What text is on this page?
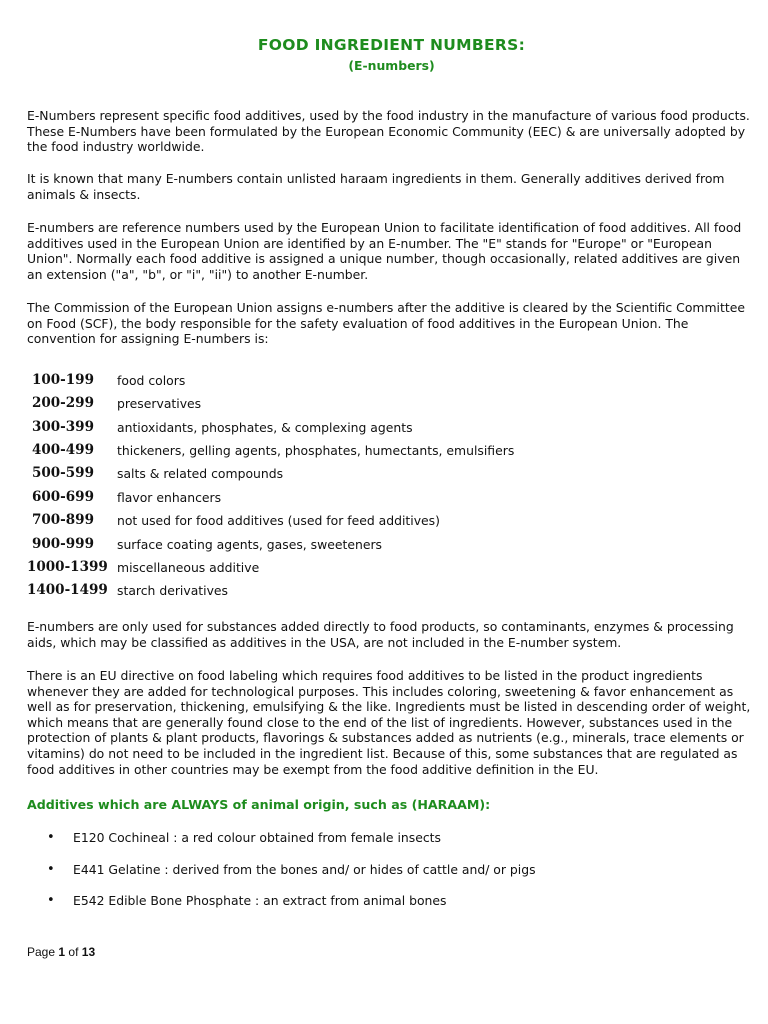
FOOD INGREDIENT NUMBERS:
(E-numbers)

E-Numbers represent specific food additives, used by the food industry in the manufacture of various food products. These E-Numbers have been formulated by the European Economic Community (EEC) & are universally adopted by the food industry worldwide.

It is known that many E-numbers contain unlisted haraam ingredients in them. Generally additives derived from animals & insects.

E-numbers are reference numbers used by the European Union to facilitate identification of food additives. All food additives used in the European Union are identified by an E-number. The "E" stands for "Europe" or "European Union". Normally each food additive is assigned a unique number, though occasionally, related additives are given an extension ("a", "b", or "i", "ii") to another E-number.

The Commission of the European Union assigns e-numbers after the additive is cleared by the Scientific Committee on Food (SCF), the body responsible for the safety evaluation of food additives in the European Union. The convention for assigning E-numbers is:

100-199	food colors
200-299	preservatives
300-399	antioxidants, phosphates, & complexing agents
400-499	thickeners, gelling agents, phosphates, humectants, emulsifiers
500-599	salts & related compounds
600-699	flavor enhancers
700-899	not used for food additives (used for feed additives)
900-999	surface coating agents, gases, sweeteners
1000-1399	miscellaneous additive
1400-1499	starch derivatives

E-numbers are only used for substances added directly to food products, so contaminants, enzymes & processing aids, which may be classified as additives in the USA, are not included in the E-number system.

There is an EU directive on food labeling which requires food additives to be listed in the product ingredients whenever they are added for technological purposes. This includes coloring, sweetening & favor enhancement as well as for preservation, thickening, emulsifying & the like. Ingredients must be listed in descending order of weight, which means that are generally found close to the end of the list of ingredients. However, substances used in the protection of plants & plant products, flavorings & substances added as nutrients (e.g., minerals, trace elements or vitamins) do not need to be included in the ingredient list. Because of this, some substances that are regulated as food additives in other countries may be exempt from the food additive definition in the EU.

Additives which are ALWAYS of animal origin, such as (HARAAM):
• E120 Cochineal : a red colour obtained from female insects
• E441 Gelatine : derived from the bones and/ or hides of cattle and/ or pigs
• E542 Edible Bone Phosphate : an extract from animal bones
Page 1 of 13
